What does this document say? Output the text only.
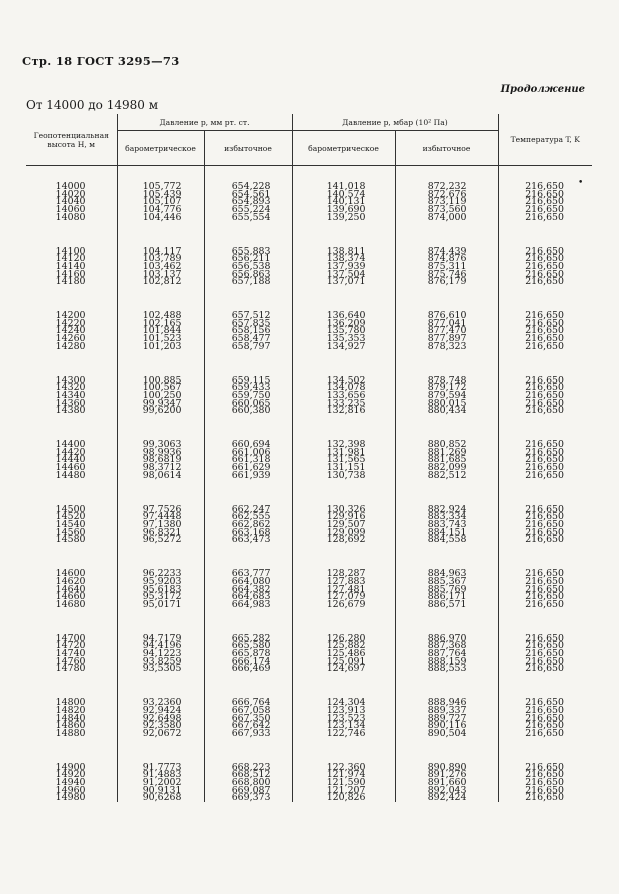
Стр. 18 ГОСТ 3295—73
Продолжение
От 14000 до 14980 м
•
Геопотенциальная высота H, м	Давление p, мм рт. ст.		Давление p, мбар (10² Па)		Температура T, K
	барометрическое	избыточное	барометрическое	избыточное	
14000	105,772	654,228	141,018	872,232	216,650
14020	105,439	654,561	140,574	872,676	216,650
14040	105,107	654,893	140,131	873,119	216,650
14060	104,776	655,224	139,690	873,560	216,650
14080	104,446	655,554	139,250	874,000	216,650
14100	104,117	655,883	138,811	874,439	216,650
14120	103,789	656,211	138,374	874,876	216,650
14140	103,462	656,538	137,939	875,311	216,650
14160	103,137	656,863	137,504	875,746	216,650
14180	102,812	657,188	137,071	876,179	216,650
14200	102,488	657,512	136,640	876,610	216,650
14220	102,165	657,835	136,209	877,041	216,650
14240	101,844	658,156	135,780	877,470	216,650
14260	101,523	658,477	135,353	877,897	216,650
14280	101,203	658,797	134,927	878,323	216,650
14300	100,885	659,115	134,502	878,748	216,650
14320	100,567	659,433	134,078	879,172	216,650
14340	100,250	659,750	133,656	879,594	216,650
14360	99,9347	660,065	133,235	880,015	216,650
14380	99,6200	660,380	132,816	880,434	216,650
14400	99,3063	660,694	132,398	880,852	216,650
14420	98,9936	661,006	131,981	881,269	216,650
14440	98,6819	661,318	131,565	881,685	216,650
14460	98,3712	661,629	131,151	882,099	216,650
14480	98,0614	661,939	130,738	882,512	216,650
14500	97,7526	662,247	130,326	882,924	216,650
14520	97,4448	662,555	129,916	883,334	216,650
14540	97,1380	662,862	129,507	883,743	216,650
14560	96,8321	663,168	129,099	884,151	216,650
14580	96,5272	663,473	128,692	884,558	216,650
14600	96,2233	663,777	128,287	884,963	216,650
14620	95,9203	664,080	127,883	885,367	216,650
14640	95,6183	664,382	127,481	885,769	216,650
14660	95,3172	664,683	127,079	886,171	216,650
14680	95,0171	664,983	126,679	886,571	216,650
14700	94,7179	665,282	126,280	886,970	216,650
14720	94,4196	665,580	125,882	887,368	216,650
14740	94,1223	665,878	125,486	887,764	216,650
14760	93,8259	666,174	125,091	888,159	216,650
14780	93,5305	666,469	124,697	888,553	216,650
14800	93,2360	666,764	124,304	888,946	216,650
14820	92,9424	667,058	123,913	889,337	216,650
14840	92,6498	667,350	123,523	889,727	216,650
14860	92,3580	667,642	123,134	890,116	216,650
14880	92,0672	667,933	122,746	890,504	216,650
14900	91,7773	668,223	122,360	890,890	216,650
14920	91,4883	668,512	121,974	891,276	216,650
14940	91,2002	668,800	121,590	891,660	216,650
14960	90,9131	669,087	121,207	892,043	216,650
14980	90,6268	669,373	120,826	892,424	216,650
